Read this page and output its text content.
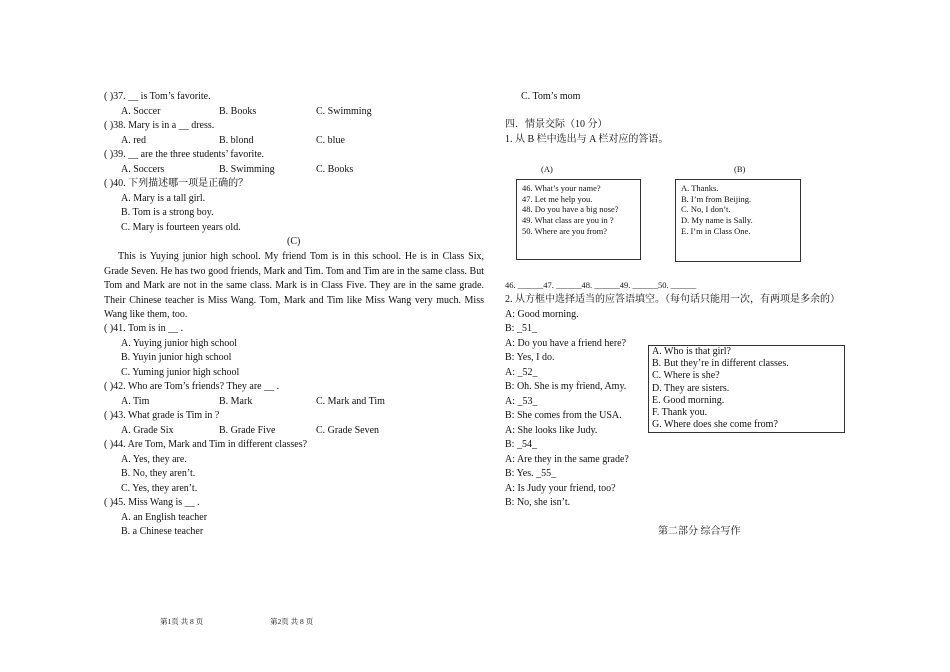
( )37. __ is Tom’s favorite.
A. Soccer	B. Books	C. Swimming
( )38. Mary is in a __ dress.
A. red	B. blond	C. blue
( )39. __ are the three students’ favorite.
A. Soccers	B. Swimming	C. Books
( )40. 下列描述哪一项是正确的？
A. Mary is a tall girl.
B. Tom is a strong boy.
C. Mary is fourteen years old.
(C)
This is Yuying junior high school. My friend Tom is in this school. He is in Class Six, Grade Seven. He has two good friends, Mark and Tim. Tom and Tim are in the same class. But Tom and Mark are not in the same class. Mark is in Class Five. They are in the same grade. Their Chinese teacher is Miss Wang. Tom, Mark and Tim like Miss Wang very much. Miss Wang like them, too.
( )41. Tom is in __ .
A. Yuying junior high school
B. Yuyin junior high school
C. Yuming junior high school
( )42. Who are Tom’s friends? They are __ .
A. Tim	B. Mark	C. Mark and Tim
( )43. What grade is Tim in ?
A. Grade Six	B. Grade Five	C. Grade Seven
( )44. Are Tom, Mark and Tim in different classes?
A. Yes, they are.
B. No, they aren’t.
C. Yes, they aren’t.
( )45. Miss Wang is __ .
A. an English teacher
B. a Chinese teacher
C. Tom’s mom
四．情景交际（10 分）
1. 从 B 栏中选出与 A 栏对应的答语。
(A)	(B)
46. What’s your name?
47. Let me help you.
48. Do you have a big nose?
49. What class are you in ?
50. Where are you from?
A. Thanks.
B. I’m from Beijing.
C. No, I don’t.
D. My name is Sally.
E. I’m in Class One.
46. ______47. ______48. ______49. ______50. ______
2. 从方框中选择适当的应答语填空。（每句话只能用一次，有两项是多余的）
A: Good morning.
B: _51_
A: Do you have a friend here?
B: Yes, I do.
A: _52_
B: Oh. She is my friend, Amy.
A: _53_
B: She comes from the USA.
A: She looks like Judy.
B: _54_
A: Are they in the same grade?
B: Yes. _55_
A: Is Judy your friend, too?
B: No, she isn’t.
A. Who is that girl?
B. But they’re in different classes.
C. Where is she?
D. They are sisters.
E. Good morning.
F. Thank you.
G. Where does she come from?
第二部分 综合写作
第1页 共 8 页	第2页 共 8 页
